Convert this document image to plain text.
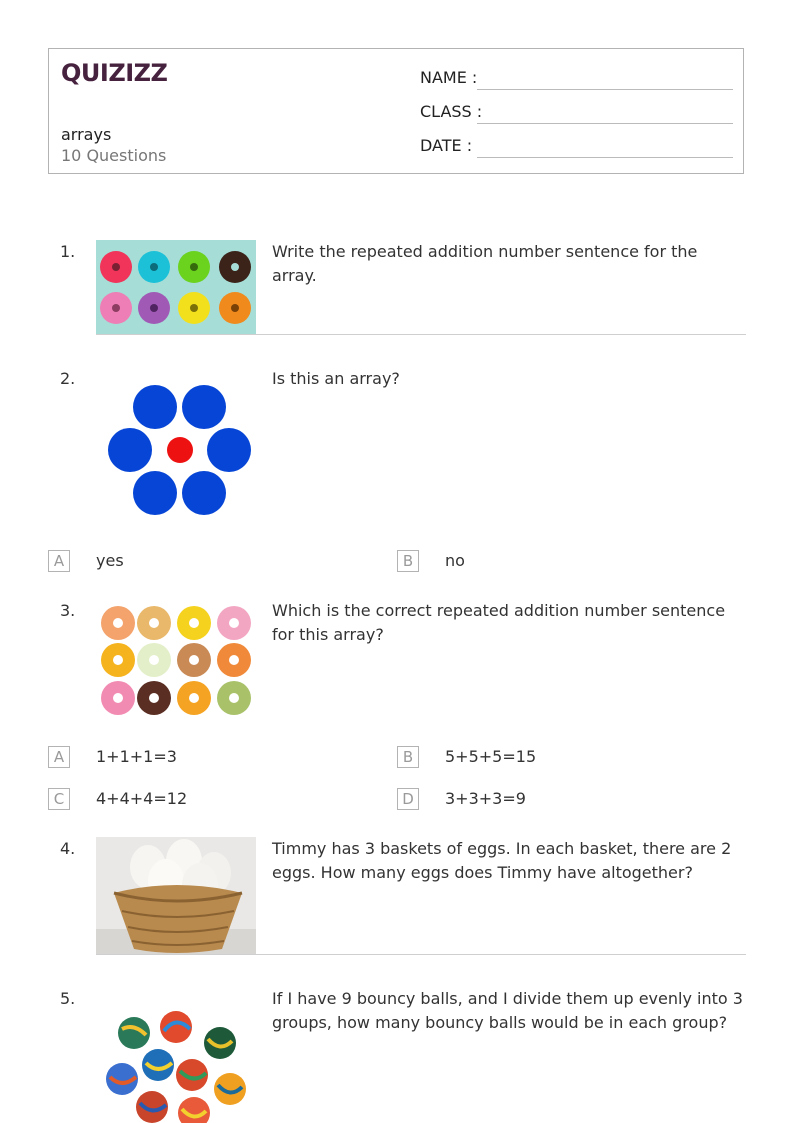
QUIZIZZ
arrays
10 Questions
NAME :
CLASS :
DATE :
1.	Write the repeated addition number sentence for the array.
2.	Is this an array?
A	yes	B	no
3.	Which is the correct repeated addition number sentence for this array?
A	1+1+1=3	B	5+5+5=15
C	4+4+4=12	D	3+3+3=9
4.	Timmy has 3 baskets of eggs. In each basket, there are 2 eggs. How many eggs does Timmy have altogether?
5.	If I have 9 bouncy balls, and I divide them up evenly into 3 groups, how many bouncy balls would be in each group?
